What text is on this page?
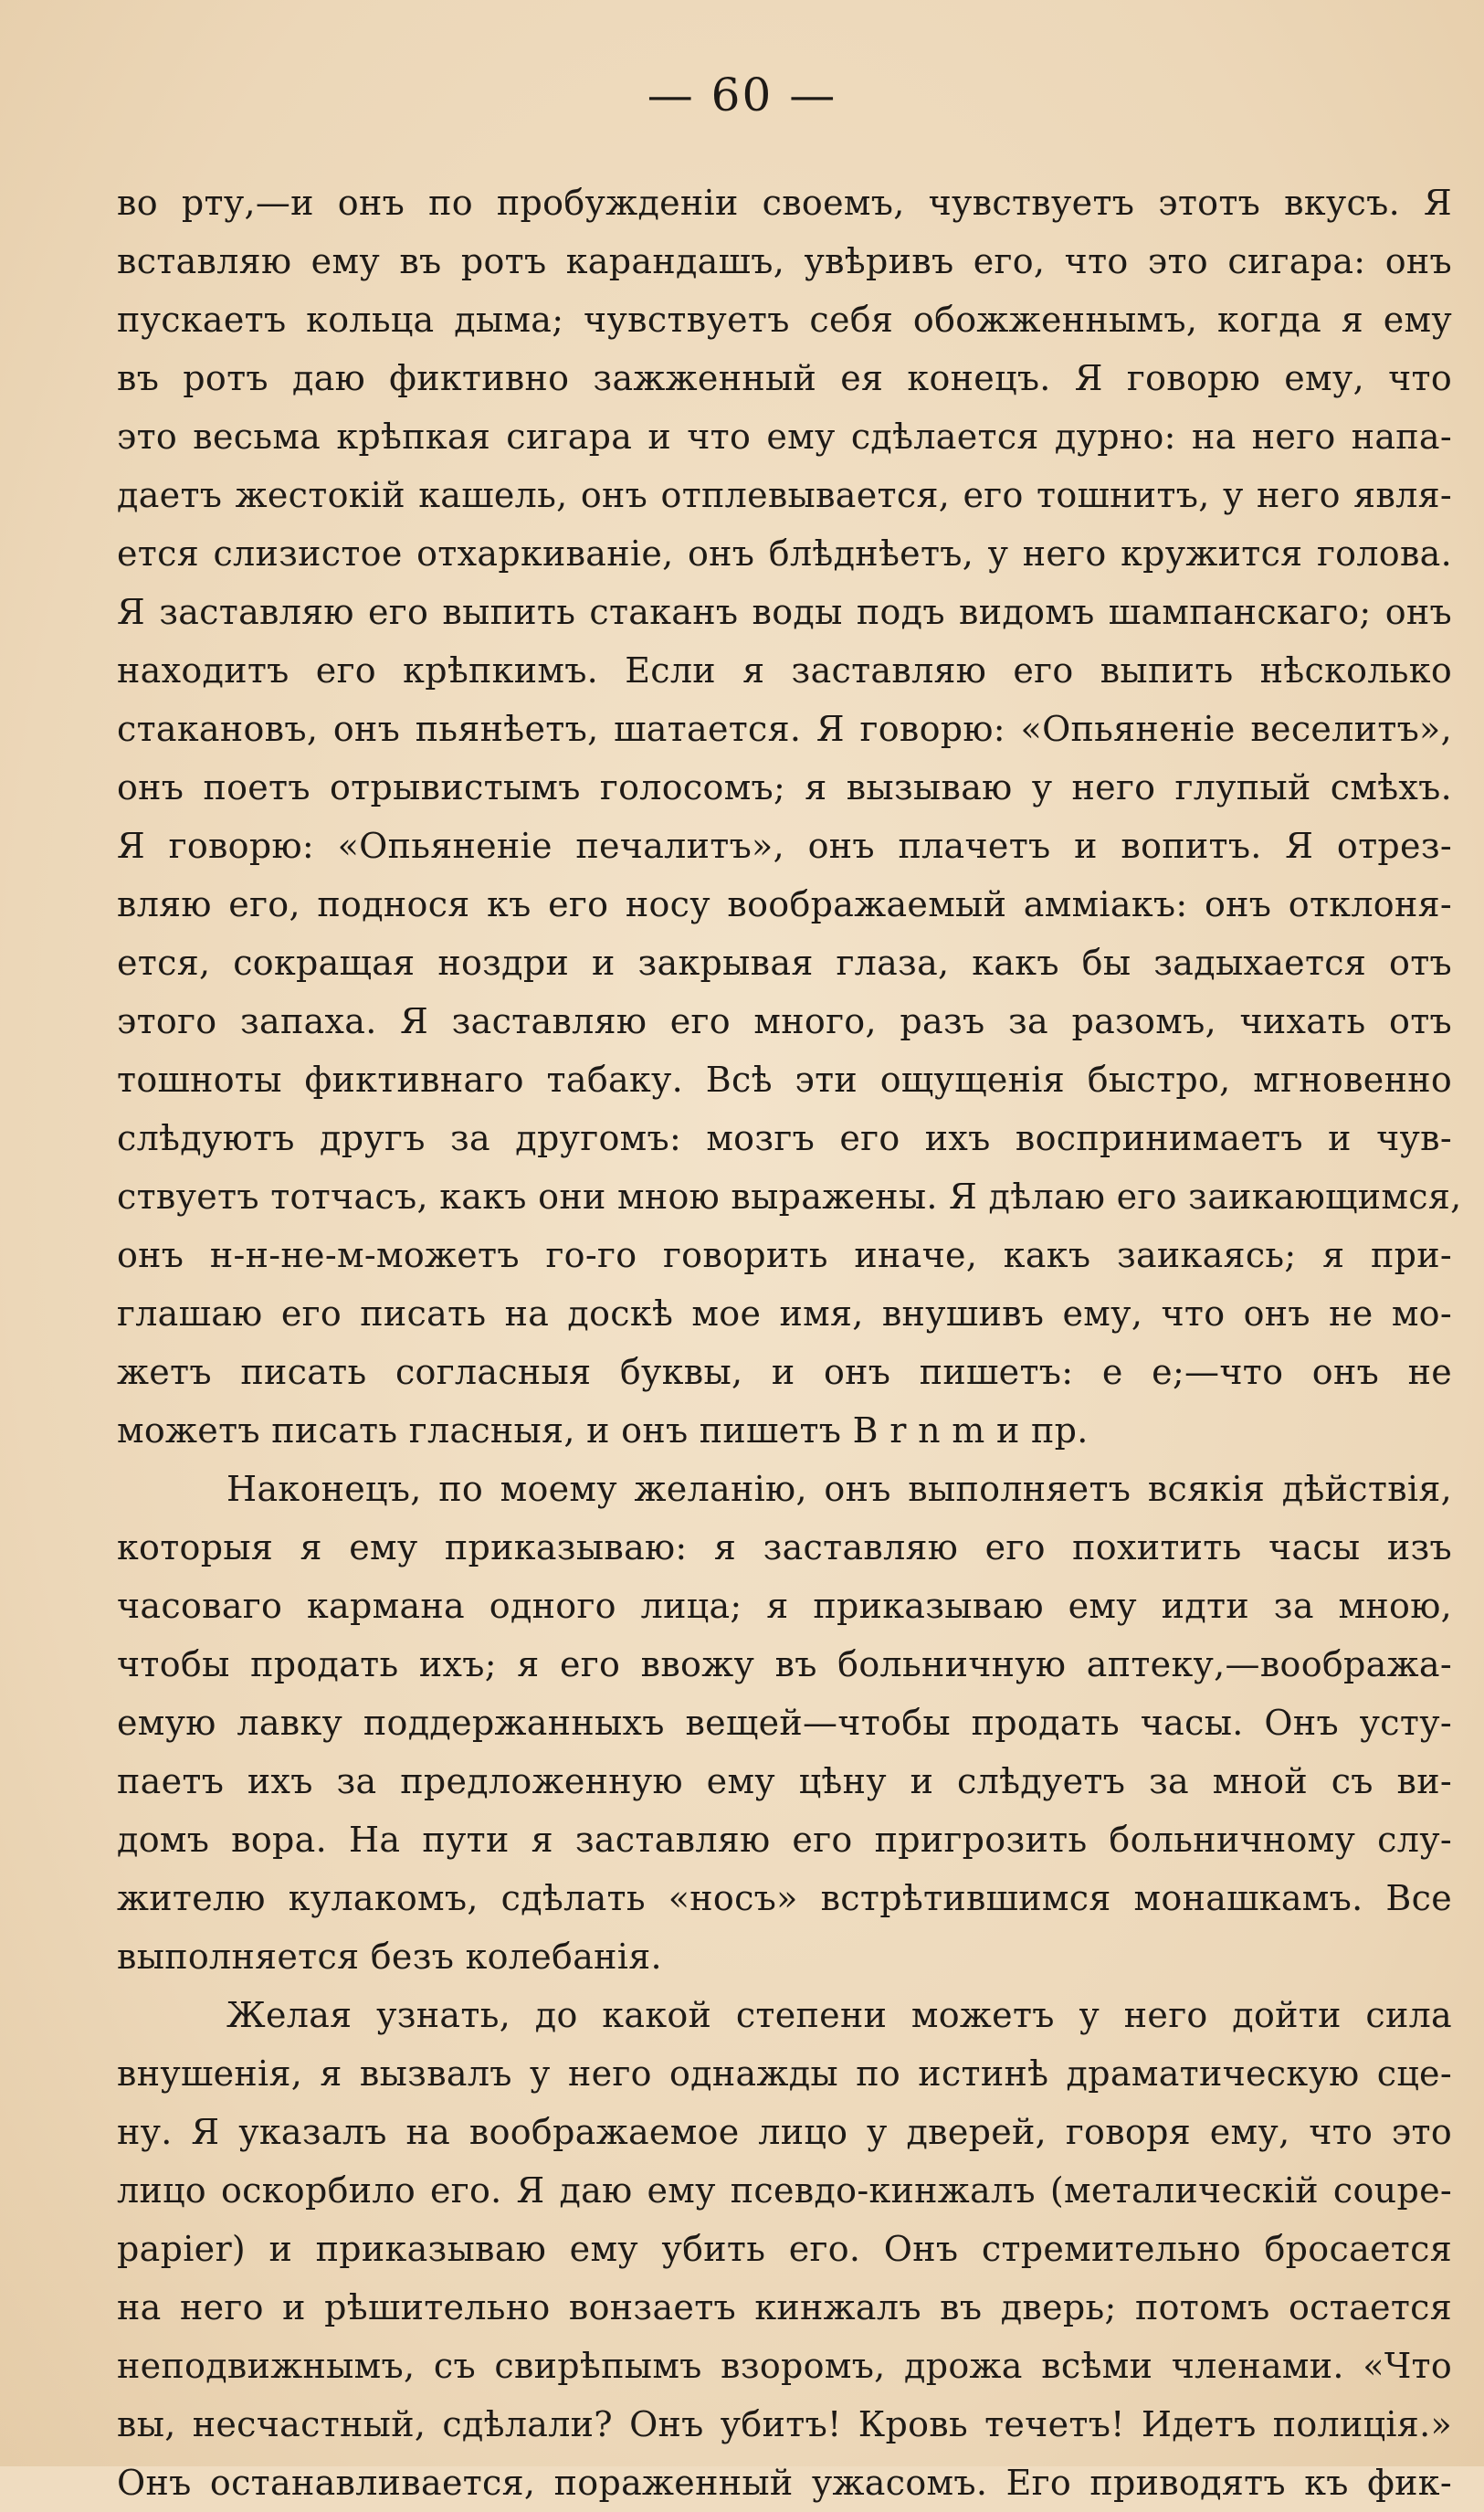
— 60 —
во рту,—и онъ по пробужденіи своемъ, чувствуетъ этотъ вкусъ. Я
вставляю ему въ ротъ карандашъ, увѣривъ его, что это сигара: онъ
пускаетъ кольца дыма; чувствуетъ себя обожженнымъ, когда я ему
въ ротъ даю фиктивно зажженный ея конецъ. Я говорю ему, что
это весьма крѣпкая сигара и что ему сдѣлается дурно: на него напа-
даетъ жестокій кашель, онъ отплевывается, его тошнитъ, у него явля-
ется слизистое отхаркиваніе, онъ блѣднѣетъ, у него кружится голова.
Я заставляю его выпить стаканъ воды подъ видомъ шампанскаго; онъ
находитъ его крѣпкимъ. Если я заставляю его выпить нѣсколько
стакановъ, онъ пьянѣетъ, шатается. Я говорю: «Опьяненіе веселитъ»,
онъ поетъ отрывистымъ голосомъ; я вызываю у него глупый смѣхъ.
Я говорю: «Опьяненіе печалитъ», онъ плачетъ и вопитъ. Я отрез-
вляю его, поднося къ его носу воображаемый амміакъ: онъ отклоня-
ется, сокращая ноздри и закрывая глаза, какъ бы задыхается отъ
этого запаха. Я заставляю его много, разъ за разомъ, чихать отъ
тошноты фиктивнаго табаку. Всѣ эти ощущенія быстро, мгновенно
слѣдуютъ другъ за другомъ: мозгъ его ихъ воспринимаетъ и чув-
ствуетъ тотчасъ, какъ они мною выражены. Я дѣлаю его заикающимся,
онъ н-н-не-м-можетъ го-го говорить иначе, какъ заикаясь; я при-
глашаю его писать на доскѣ мое имя, внушивъ ему, что онъ не мо-
жетъ писать согласныя буквы, и онъ пишетъ: е е;—что онъ не
можетъ писать гласныя, и онъ пишетъ B r n m и пр.
Наконецъ, по моему желанію, онъ выполняетъ всякія дѣйствія,
которыя я ему приказываю: я заставляю его похитить часы изъ
часоваго кармана одного лица; я приказываю ему идти за мною,
чтобы продать ихъ; я его ввожу въ больничную аптеку,—вообража-
емую лавку поддержанныхъ вещей—чтобы продать часы. Онъ усту-
паетъ ихъ за предложенную ему цѣну и слѣдуетъ за мной съ ви-
домъ вора. На пути я заставляю его пригрозить больничному слу-
жителю кулакомъ, сдѣлать «носъ» встрѣтившимся монашкамъ. Все
выполняется безъ колебанія.
Желая узнать, до какой степени можетъ у него дойти сила
внушенія, я вызвалъ у него однажды по истинѣ драматическую сце-
ну. Я указалъ на воображаемое лицо у дверей, говоря ему, что это
лицо оскорбило его. Я даю ему псевдо-кинжалъ (металическій coupe-
papier) и приказываю ему убить его. Онъ стремительно бросается
на него и рѣшительно вонзаетъ кинжалъ въ дверь; потомъ остается
неподвижнымъ, съ свирѣпымъ взоромъ, дрожа всѣми членами. «Что
вы, несчастный, сдѣлали? Онъ убитъ! Кровь течетъ! Идетъ полиція.»
Онъ останавливается, пораженный ужасомъ. Его приводятъ къ фик-
